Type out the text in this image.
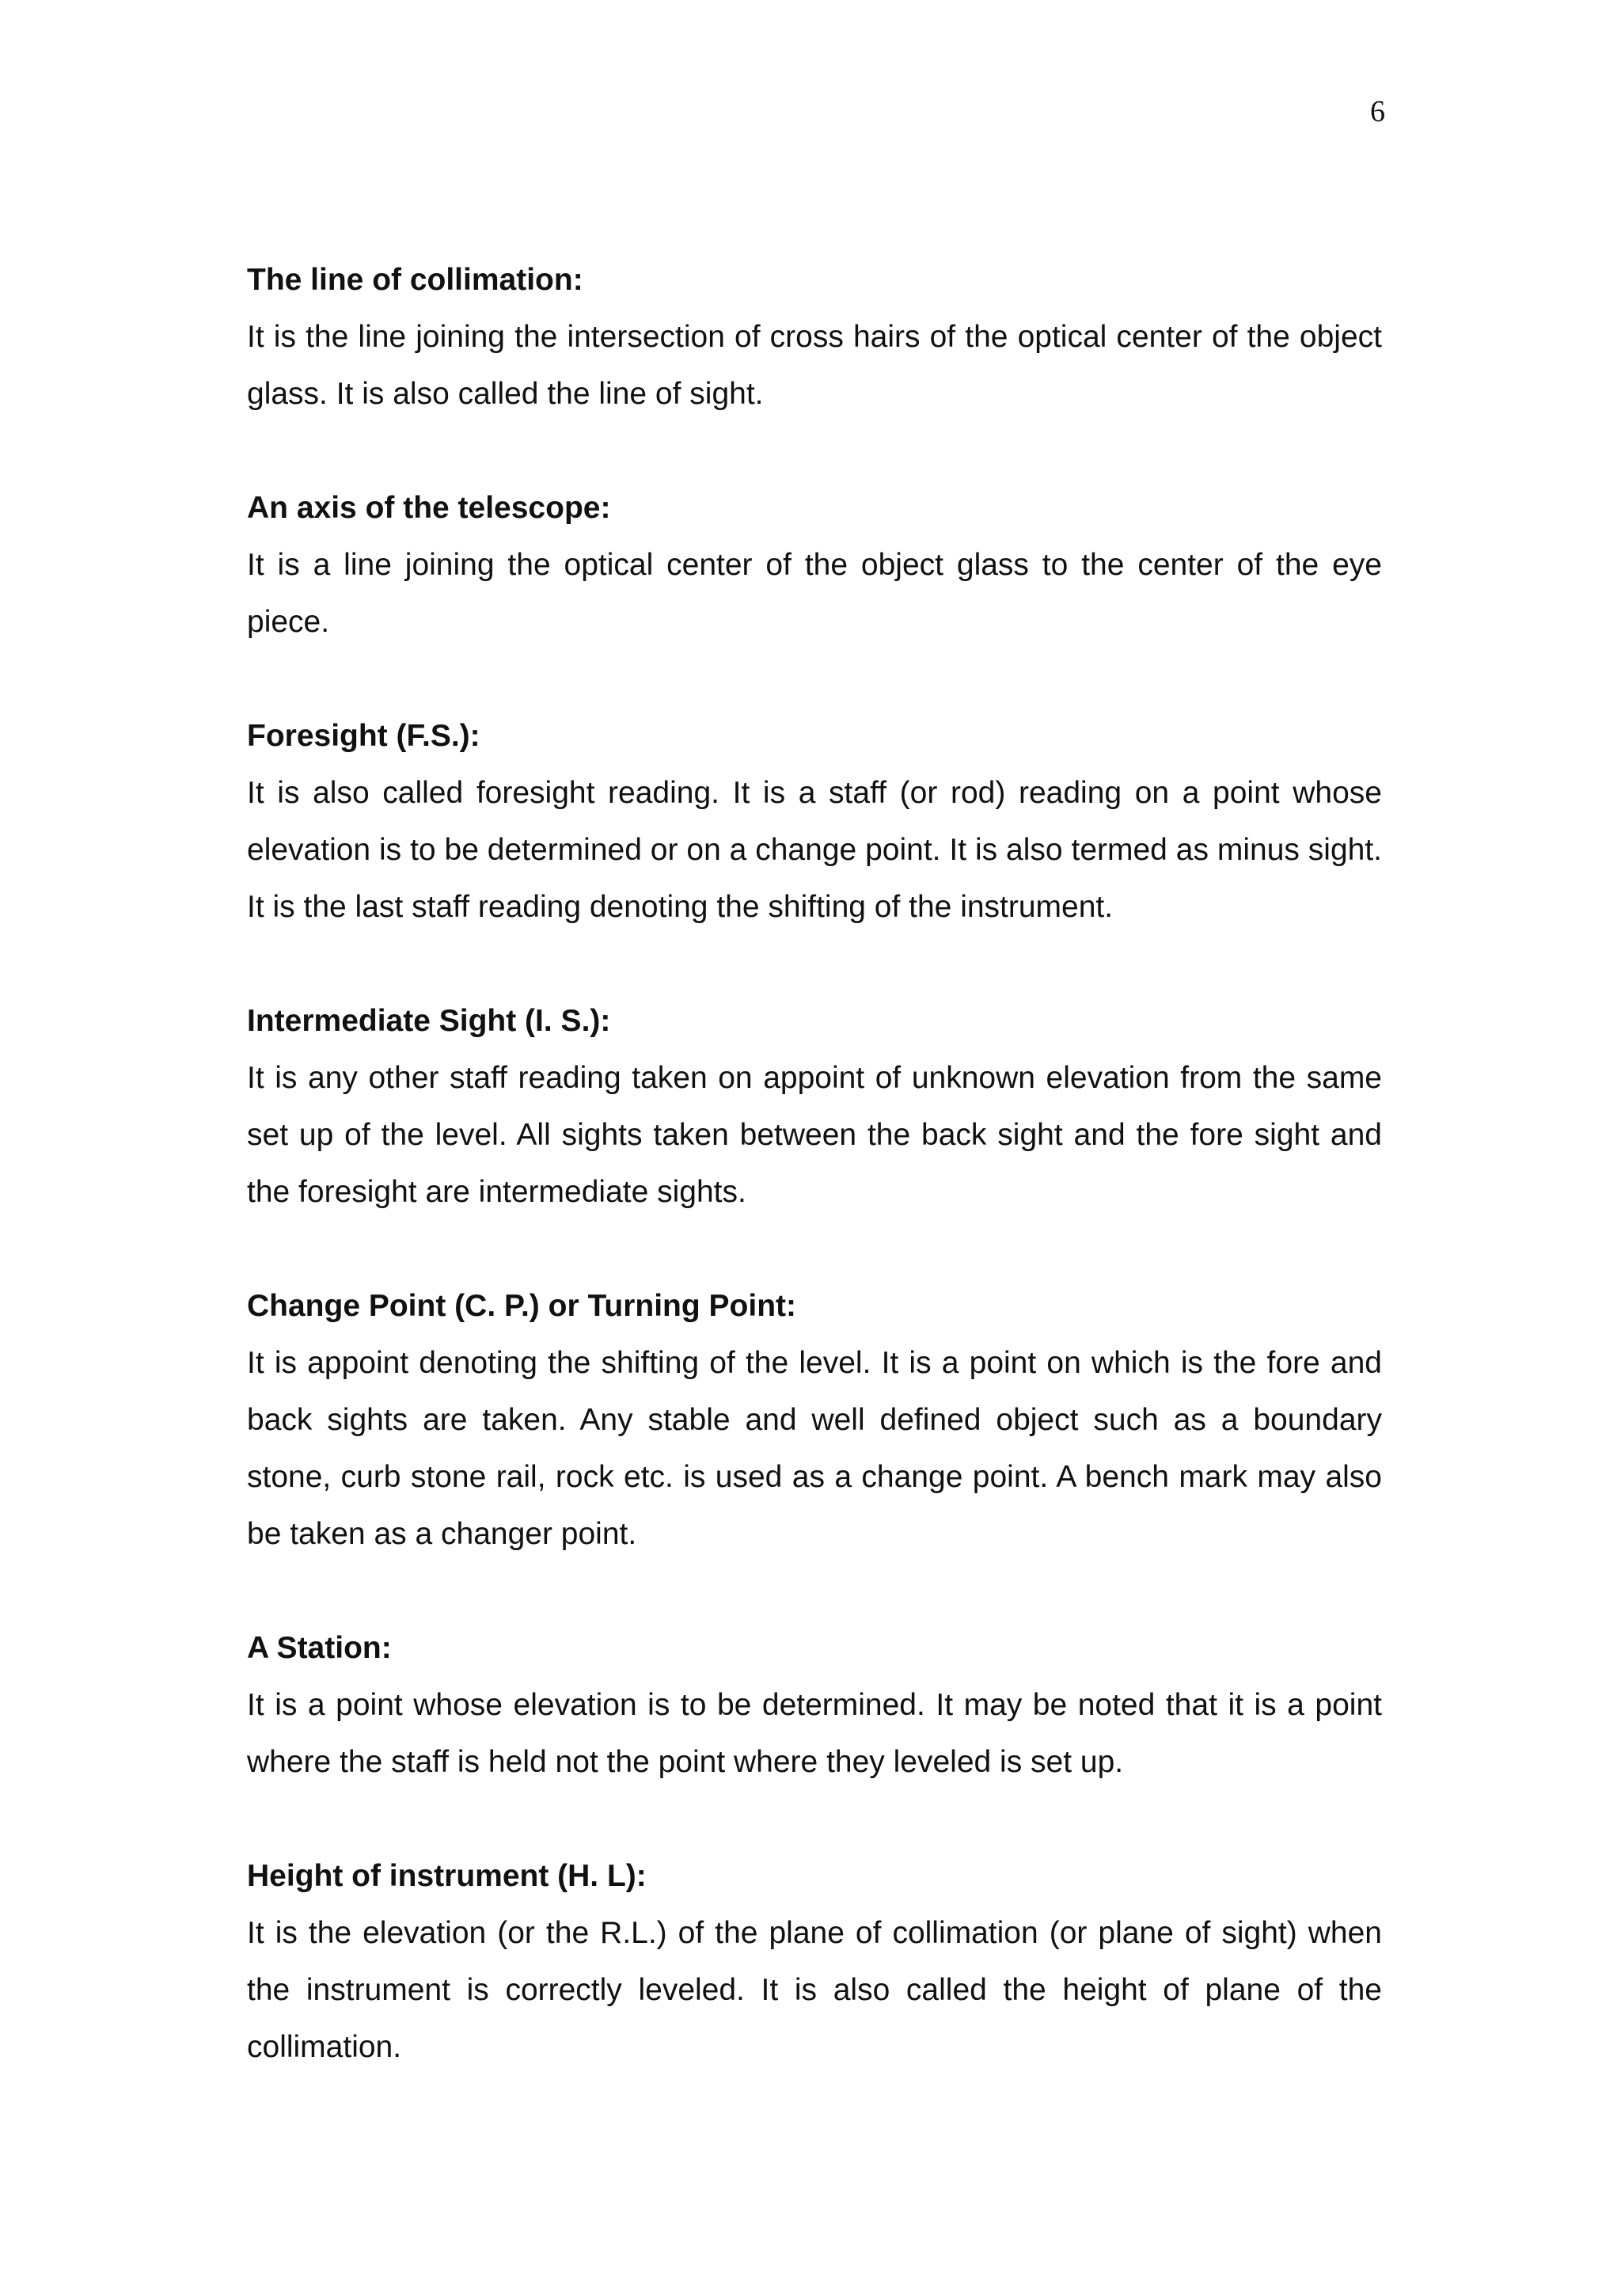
6

The line of collimation:

It is the line joining the intersection of cross hairs of the optical center of the object glass. It is also called the line of sight.

An axis of the telescope:

It is a line joining the optical center of the object glass to the center of the eye piece.

Foresight (F.S.):

It is also called foresight reading. It is a staff (or rod) reading on a point whose elevation is to be determined or on a change point. It is also termed as minus sight. It is the last staff reading denoting the shifting of the instrument.

Intermediate Sight (I. S.):

It is any other staff reading taken on appoint of unknown elevation from the same set up of the level. All sights taken between the back sight and the fore sight and the foresight are intermediate sights.

Change Point (C. P.) or Turning Point:

It is appoint denoting the shifting of the level. It is a point on which is the fore and back sights are taken. Any stable and well defined object such as a boundary stone, curb stone rail, rock etc. is used as a change point. A bench mark may also be taken as a changer point.

A Station:

It is a point whose elevation is to be determined. It may be noted that it is a point where the staff is held not the point where they leveled is set up.

Height of instrument (H. L):

It is the elevation (or the R.L.) of the plane of collimation (or plane of sight) when the instrument is correctly leveled. It is also called the height of plane of the collimation.
